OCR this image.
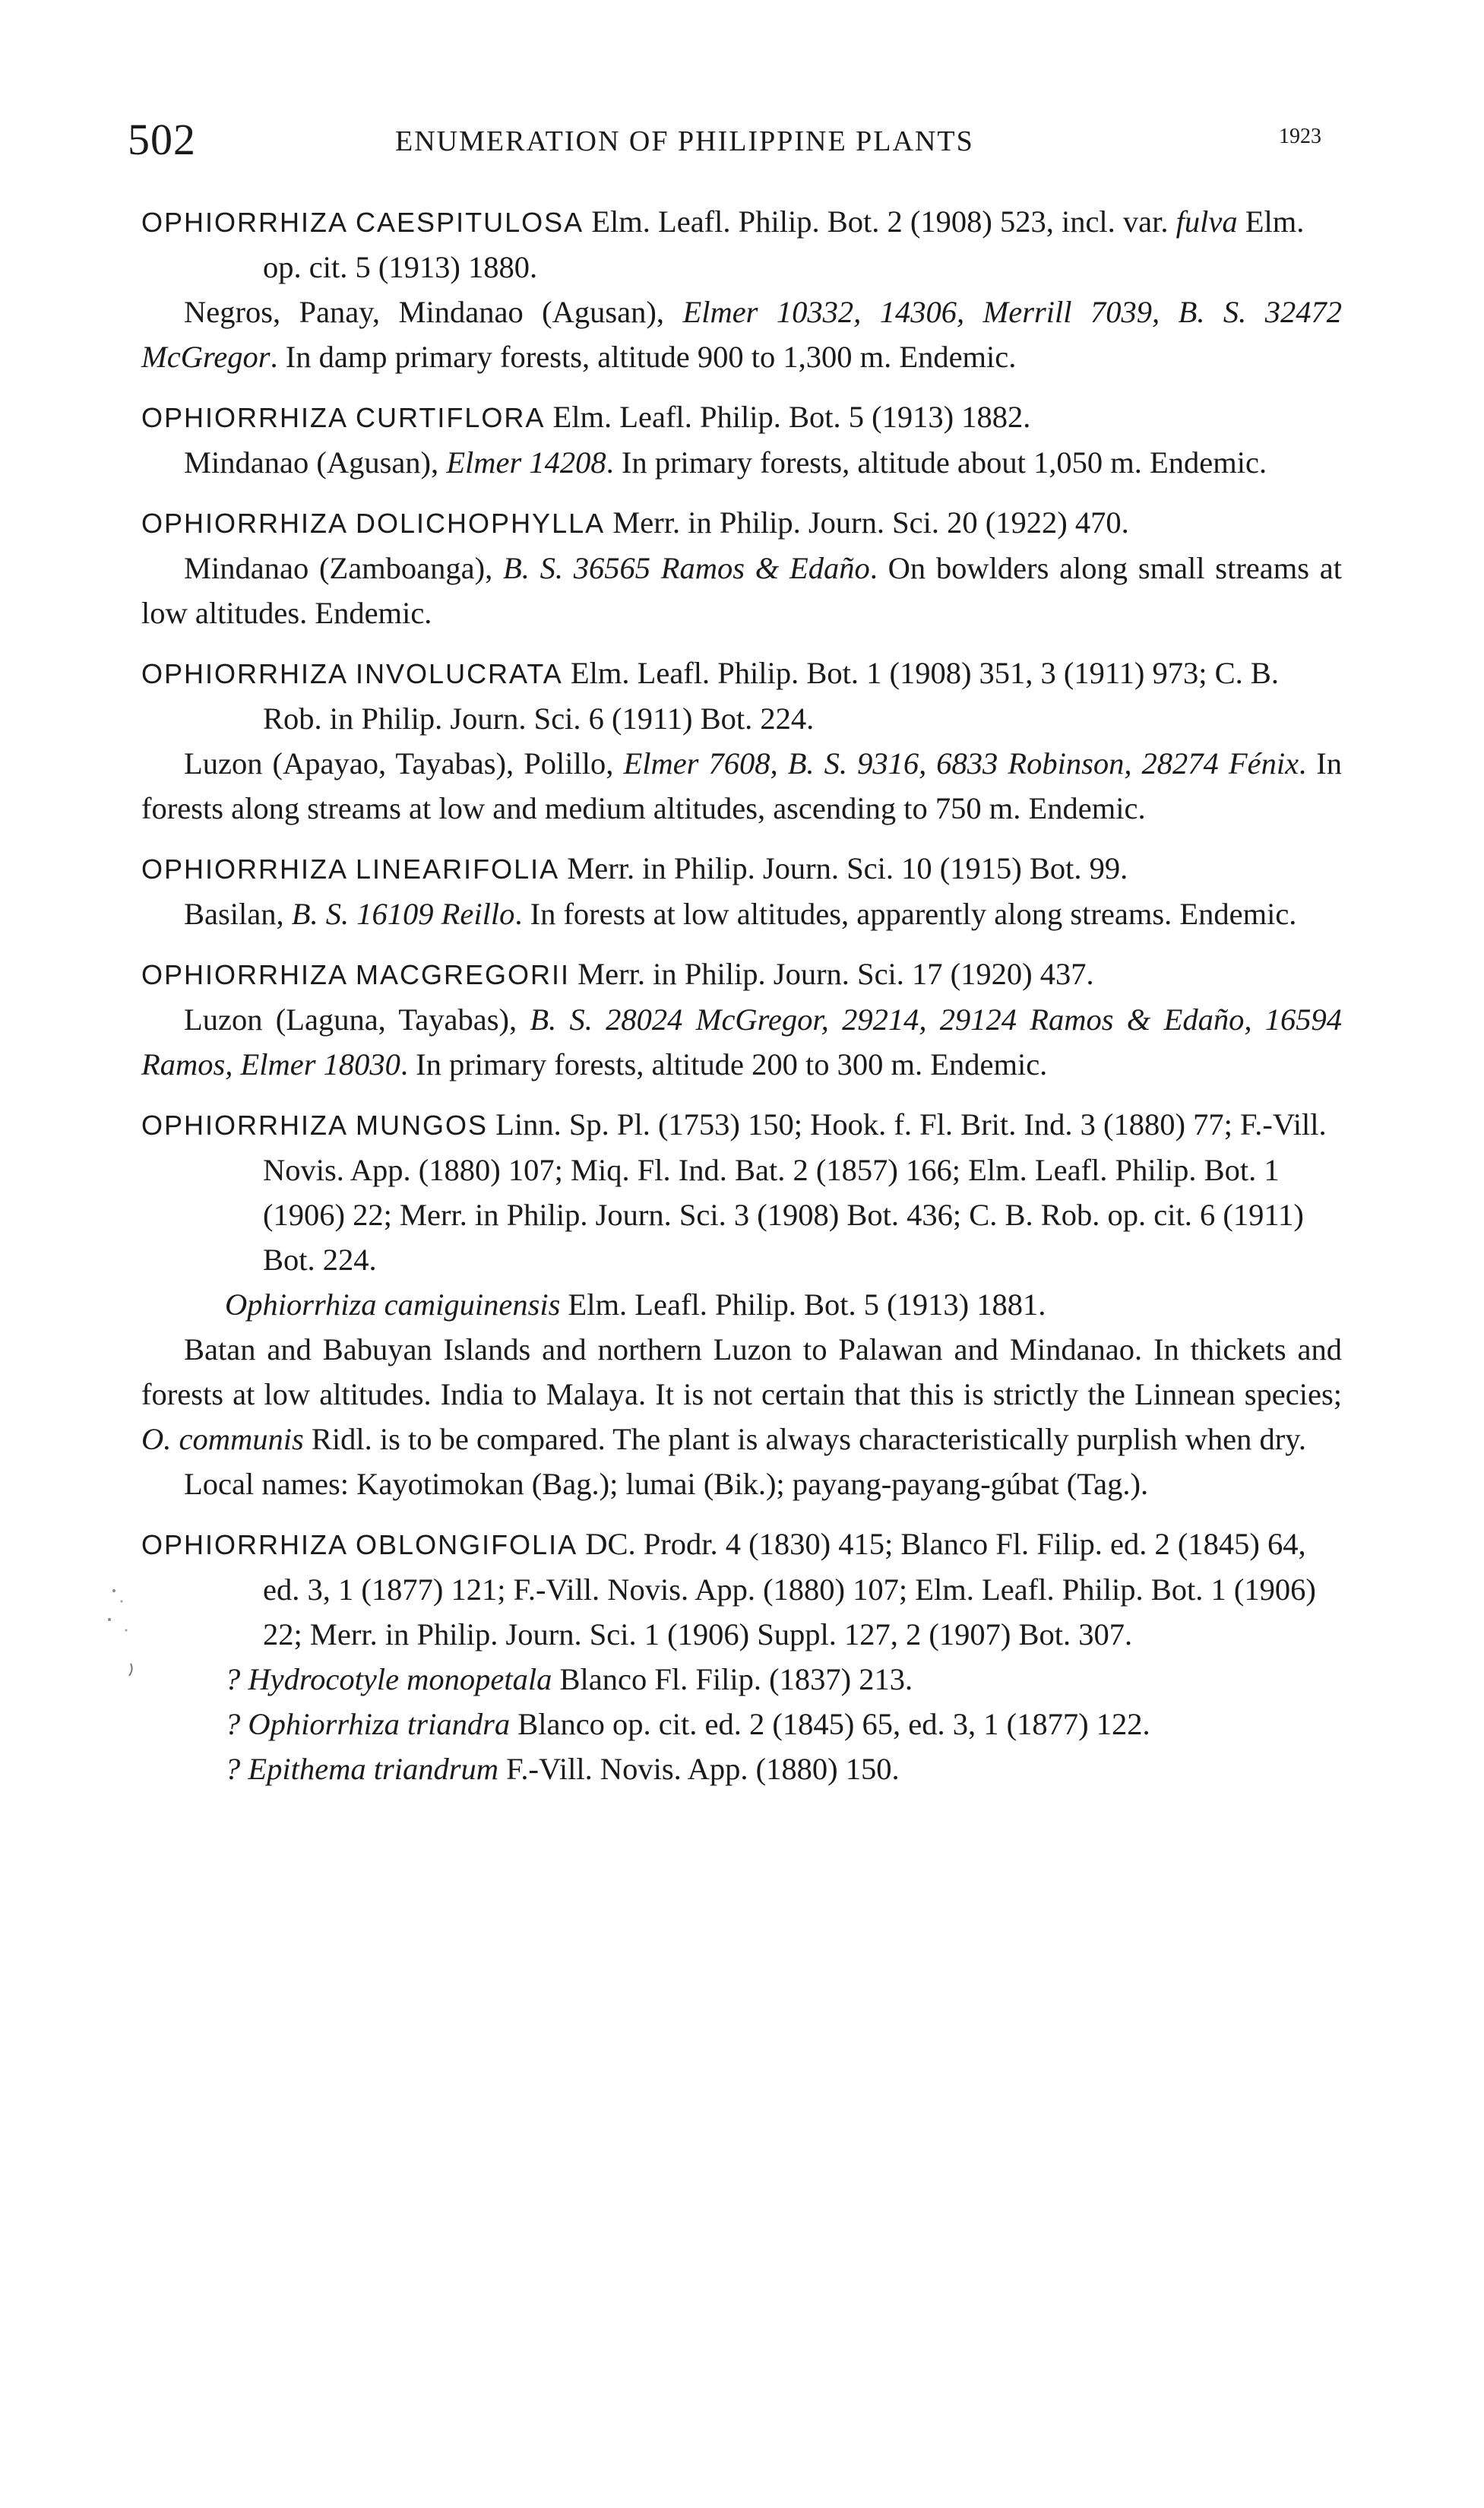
502	ENUMERATION OF PHILIPPINE PLANTS	1923

OPHIORRHIZA CAESPITULOSA Elm. Leafl. Philip. Bot. 2 (1908) 523, incl. var. fulva Elm. op. cit. 5 (1913) 1880.

Negros, Panay, Mindanao (Agusan), Elmer 10332, 14306, Merrill 7039, B. S. 32472 McGregor. In damp primary forests, altitude 900 to 1,300 m. Endemic.

OPHIORRHIZA CURTIFLORA Elm. Leafl. Philip. Bot. 5 (1913) 1882.

Mindanao (Agusan), Elmer 14208. In primary forests, altitude about 1,050 m. Endemic.

OPHIORRHIZA DOLICHOPHYLLA Merr. in Philip. Journ. Sci. 20 (1922) 470.

Mindanao (Zamboanga), B. S. 36565 Ramos & Edaño. On bowlders along small streams at low altitudes. Endemic.

OPHIORRHIZA INVOLUCRATA Elm. Leafl. Philip. Bot. 1 (1908) 351, 3 (1911) 973; C. B. Rob. in Philip. Journ. Sci. 6 (1911) Bot. 224.

Luzon (Apayao, Tayabas), Polillo, Elmer 7608, B. S. 9316, 6833 Robinson, 28274 Fénix. In forests along streams at low and medium altitudes, ascending to 750 m. Endemic.

OPHIORRHIZA LINEARIFOLIA Merr. in Philip. Journ. Sci. 10 (1915) Bot. 99.

Basilan, B. S. 16109 Reillo. In forests at low altitudes, apparently along streams. Endemic.

OPHIORRHIZA MACGREGORII Merr. in Philip. Journ. Sci. 17 (1920) 437.

Luzon (Laguna, Tayabas), B. S. 28024 McGregor, 29214, 29124 Ramos & Edaño, 16594 Ramos, Elmer 18030. In primary forests, altitude 200 to 300 m. Endemic.

OPHIORRHIZA MUNGOS Linn. Sp. Pl. (1753) 150; Hook. f. Fl. Brit. Ind. 3 (1880) 77; F.-Vill. Novis. App. (1880) 107; Miq. Fl. Ind. Bat. 2 (1857) 166; Elm. Leafl. Philip. Bot. 1 (1906) 22; Merr. in Philip. Journ. Sci. 3 (1908) Bot. 436; C. B. Rob. op. cit. 6 (1911) Bot. 224.

Ophiorrhiza camiguinensis Elm. Leafl. Philip. Bot. 5 (1913) 1881.

Batan and Babuyan Islands and northern Luzon to Palawan and Mindanao. In thickets and forests at low altitudes. India to Malaya. It is not certain that this is strictly the Linnean species; O. communis Ridl. is to be compared. The plant is always characteristically purplish when dry.

Local names: Kayotimokan (Bag.); lumai (Bik.); payang-payang-gúbat (Tag.).

OPHIORRHIZA OBLONGIFOLIA DC. Prodr. 4 (1830) 415; Blanco Fl. Filip. ed. 2 (1845) 64, ed. 3, 1 (1877) 121; F.-Vill. Novis. App. (1880) 107; Elm. Leafl. Philip. Bot. 1 (1906) 22; Merr. in Philip. Journ. Sci. 1 (1906) Suppl. 127, 2 (1907) Bot. 307.

? Hydrocotyle monopetala Blanco Fl. Filip. (1837) 213.

? Ophiorrhiza triandra Blanco op. cit. ed. 2 (1845) 65, ed. 3, 1 (1877) 122.

? Epithema triandrum F.-Vill. Novis. App. (1880) 150.
